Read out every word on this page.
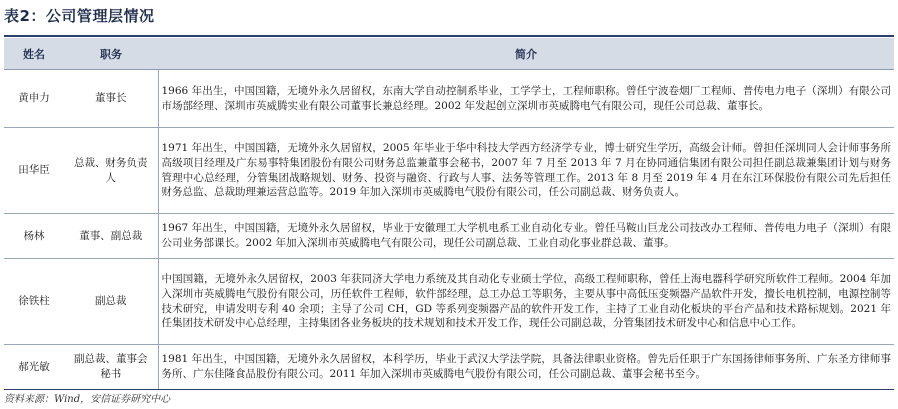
表2：公司管理层情况
姓名	职务	简介
黄申力	董事长	1966 年出生，中国国籍，无境外永久居留权，东南大学自动控制系毕业，工学学士，工程师职称。曾任宁波卷烟厂工程师、普传电力电子（深圳）有限公司市场部经理、深圳市英威腾实业有限公司董事长兼总经理。2002 年发起创立深圳市英威腾电气有限公司，现任公司总裁、董事长。
田华臣	总裁、财务负责人	1971 年出生，中国国籍，无境外永久居留权，2005 年毕业于华中科技大学西方经济学专业，博士研究生学历，高级会计师。曾担任深圳同人会计师事务所高级项目经理及广东易事特集团股份有限公司财务总监兼董事会秘书，2007 年 7 月至 2013 年 7 月在协同通信集团有限公司担任副总裁兼集团计划与财务管理中心总经理，分管集团战略规划、财务、投资与融资、行政与人事、法务等管理工作。2013 年 8 月至 2019 年 4 月在东江环保股份有限公司先后担任财务总监、总裁助理兼运营总监等。2019 年加入深圳市英威腾电气股份有限公司，任公司副总裁、财务负责人。
杨林	董事、副总裁	1967 年出生，中国国籍，无境外永久居留权，毕业于安徽理工大学机电系工业自动化专业。曾任马鞍山巨龙公司技改办工程师、普传电力电子（深圳）有限公司业务部课长。2002 年加入深圳市英威腾电气有限公司，现任公司副总裁、工业自动化事业群总裁、董事。
徐铁柱	副总裁	中国国籍，无境外永久居留权，2003 年获同济大学电力系统及其自动化专业硕士学位，高级工程师职称，曾任上海电器科学研究所软件工程师。2004 年加入深圳市英威腾电气股份有限公司，历任软件工程师，软件部经理，总工办总工等职务，主要从事中高低压变频器产品软件开发，擅长电机控制，电源控制等技术研究，申请发明专利 40 余项；主导了公司 CH，GD 等系列变频器产品的软件开发工作，主持了工业自动化板块的平台产品和技术路标规划。2021 年任集团技术研发中心总经理，主持集团各业务板块的技术规划和技术开发工作，现任公司副总裁，分管集团技术研发中心和信息中心工作。
郝光敏	副总裁、董事会秘书	1981 年出生，中国国籍，无境外永久居留权，本科学历，毕业于武汉大学法学院，具备法律职业资格。曾先后任职于广东国扬律师事务所、广东圣方律师事务所、广东佳隆食品股份有限公司。2011 年加入深圳市英威腾电气股份有限公司，任公司副总裁、董事会秘书至今。
资料来源：Wind，安信证券研究中心
